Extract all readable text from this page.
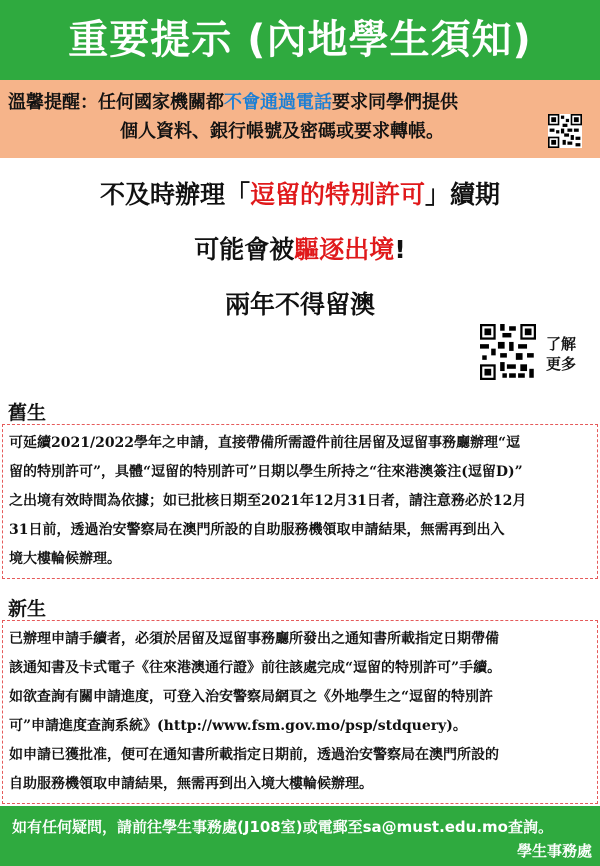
重要提示 (內地學生須知)
溫馨提醒：任何國家機關都不會通過電話要求同學們提供
個人資料、銀行帳號及密碼或要求轉帳。
不及時辦理「逗留的特別許可」續期
可能會被驅逐出境!
兩年不得留澳
了解
更多
舊生
可延續2021/2022學年之申請，直接帶備所需證件前往居留及逗留事務廳辦理“逗
留的特別許可”，具體“逗留的特別許可”日期以學生所持之“往來港澳簽注(逗留D)”
之出境有效時間為依據；如已批核日期至2021年12月31日者，請注意務必於12月
31日前，透過治安警察局在澳門所設的自助服務機領取申請結果，無需再到出入
境大樓輪候辦理。
新生
已辦理申請手續者，必須於居留及逗留事務廳所發出之通知書所載指定日期帶備
該通知書及卡式電子《往來港澳通行證》前往該處完成“逗留的特別許可”手續。
如欲查詢有關申請進度，可登入治安警察局網頁之《外地學生之“逗留的特別許
可”申請進度查詢系統》(http://www.fsm.gov.mo/psp/stdquery)。
如申請已獲批准，便可在通知書所載指定日期前，透過治安警察局在澳門所設的
自助服務機領取申請結果，無需再到出入境大樓輪候辦理。
如有任何疑問，請前往學生事務處(J108室)或電郵至sa@must.edu.mo查詢。
學生事務處
